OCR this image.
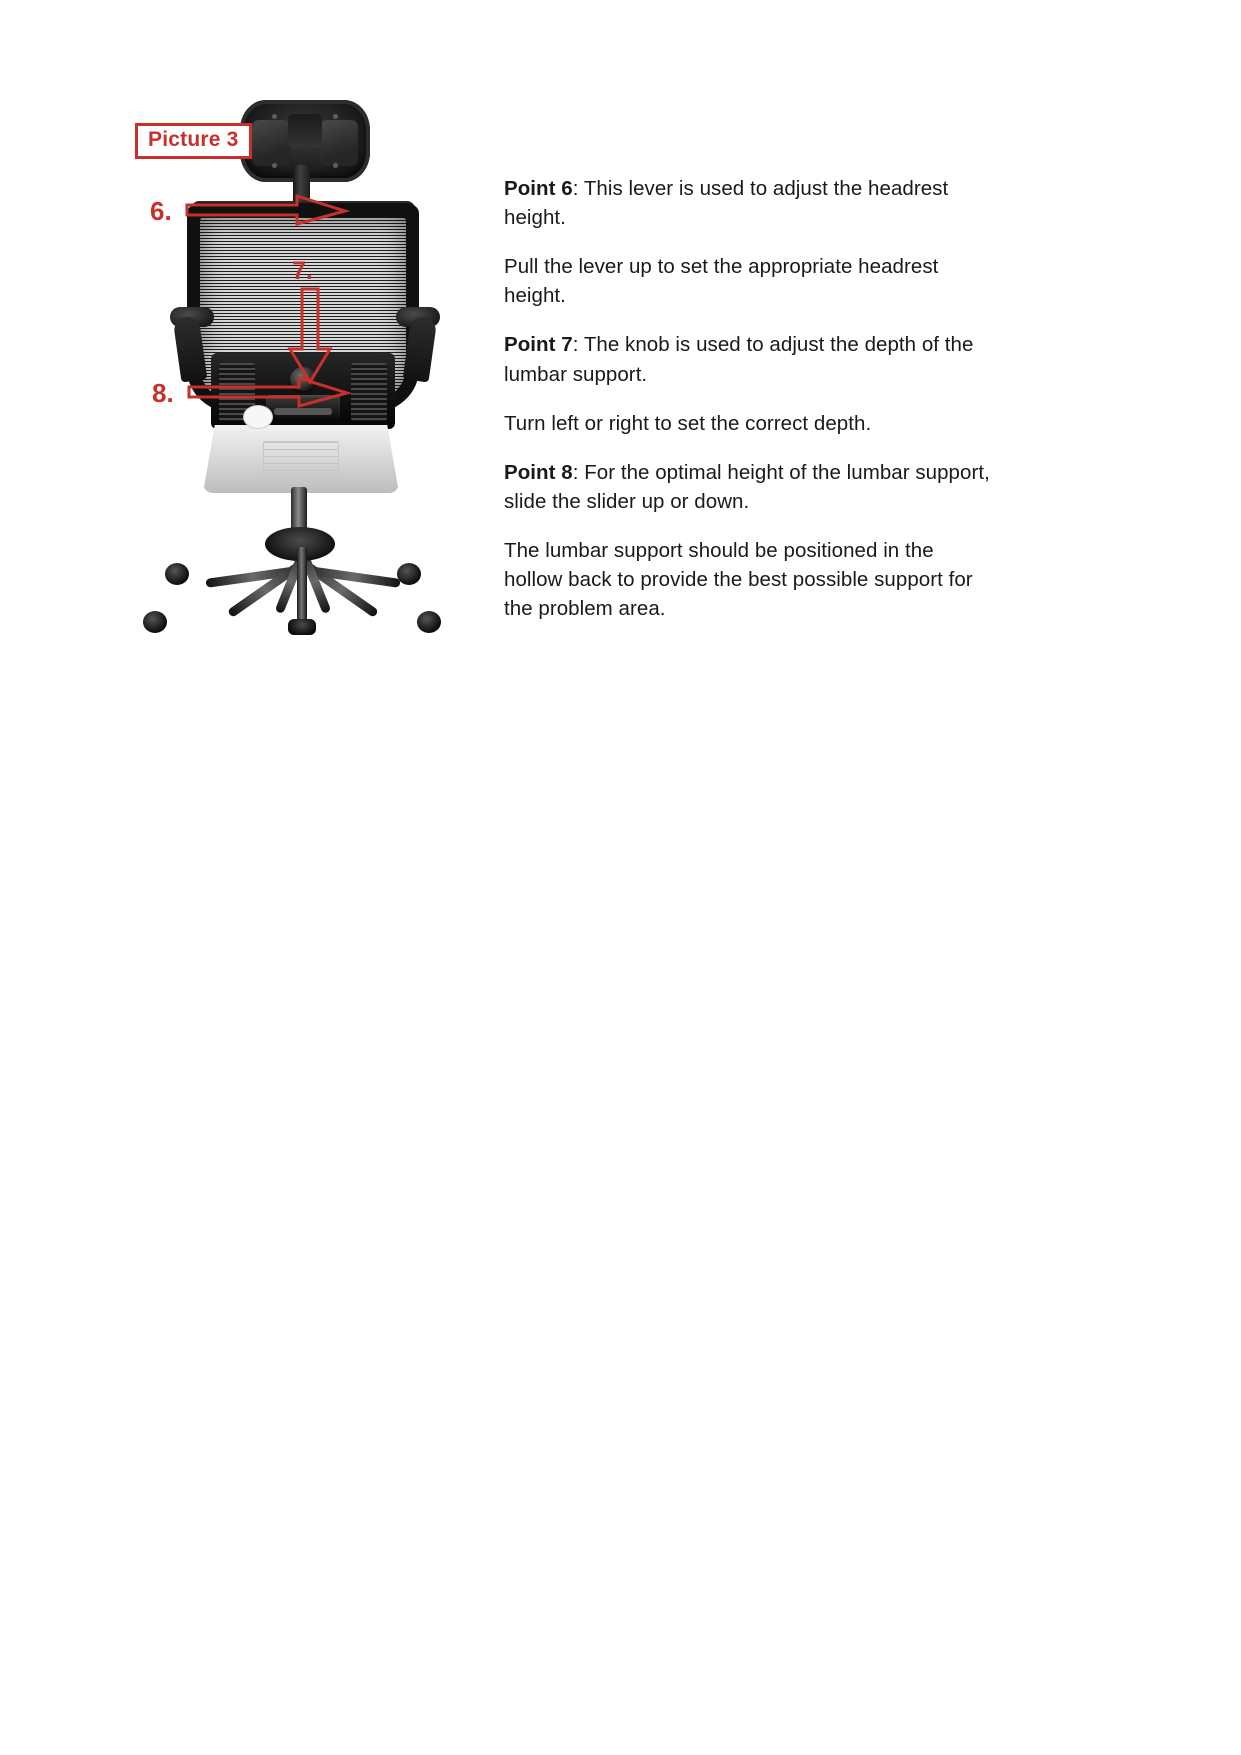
6.
8.
7.
Picture 3

Point 6: This lever is used to adjust the headrest height.

Pull the lever up to set the appropriate headrest height.

Point 7: The knob is used to adjust the depth of the lumbar support.

Turn left or right to set the correct depth.

Point 8: For the optimal height of the lumbar support, slide the slider up or down.

The lumbar support should be positioned in the hollow back to provide the best possible support for the problem area.
